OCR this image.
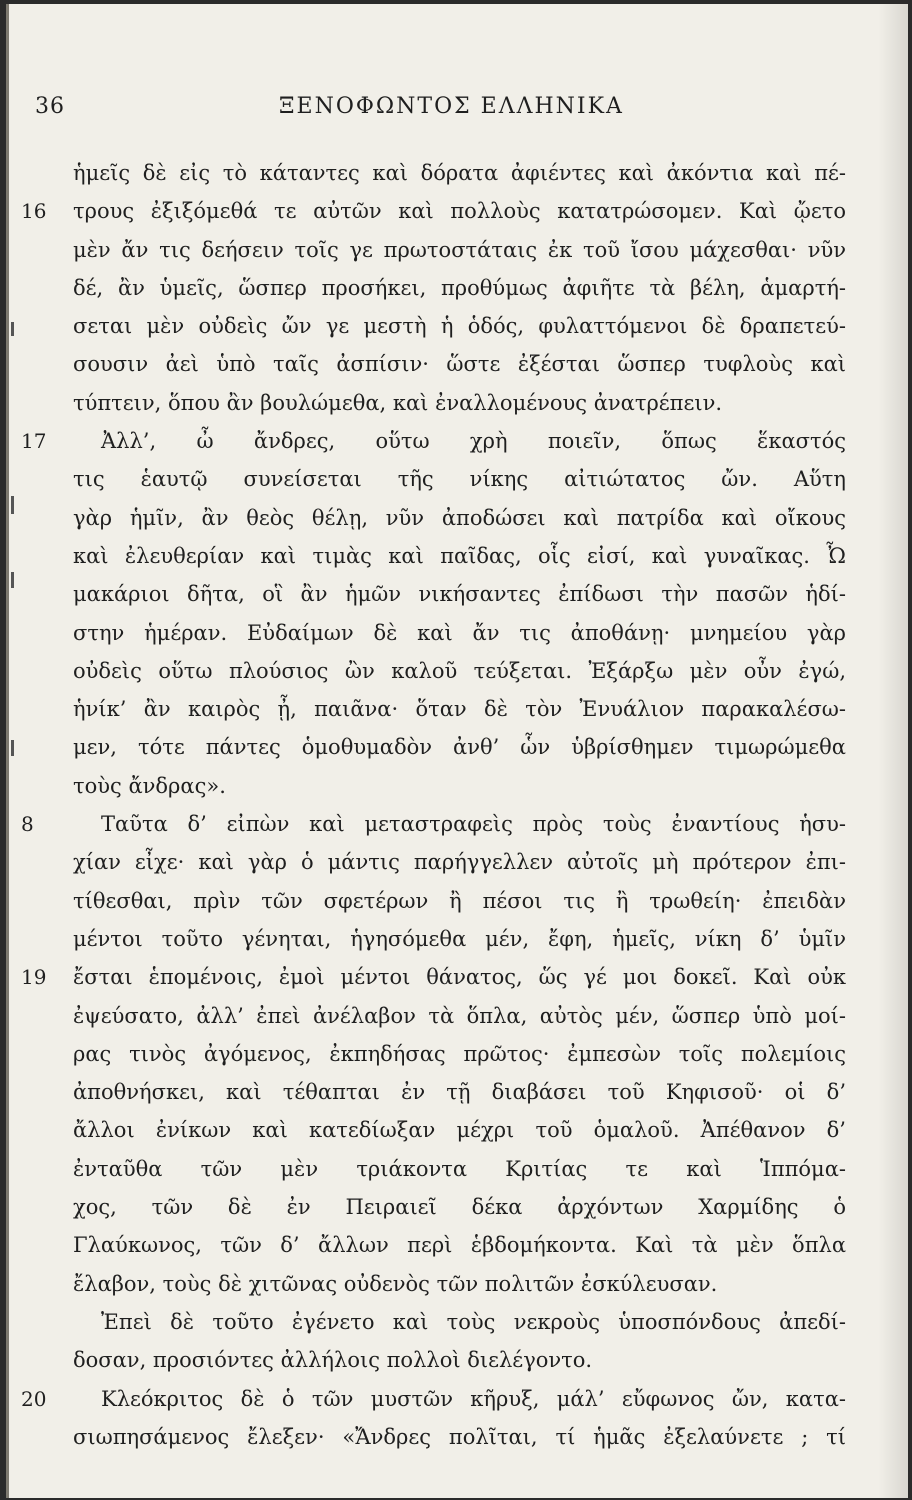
36	ΞΕΝΟΦΩΝΤΟΣ ΕΛΛΗΝΙΚΑ
16
17
8
19
20
ἡμεῖς δὲ εἰς τὸ κάταντες καὶ δόρατα ἀφιέντες καὶ ἀκόντια καὶ πέ-
τρους ἐξιξόμεθά τε αὐτῶν καὶ πολλοὺς κατατρώσομεν. Καὶ ᾤετο
μὲν ἄν τις δεήσειν τοῖς γε πρωτοστάταις ἐκ τοῦ ἴσου μάχεσθαι· νῦν
δέ, ἂν ὑμεῖς, ὥσπερ προσήκει, προθύμως ἀφιῆτε τὰ βέλη, ἁμαρτή-
σεται μὲν οὐδεὶς ὤν γε μεστὴ ἡ ὁδός, φυλαττόμενοι δὲ δραπετεύ-
σουσιν ἀεὶ ὑπὸ ταῖς ἀσπίσιν· ὥστε ἐξέσται ὥσπερ τυφλοὺς καὶ
τύπτειν, ὅπου ἂν βουλώμεθα, καὶ ἐναλλομένους ἀνατρέπειν.
Ἀλλ’, ὦ ἄνδρες, οὕτω χρὴ ποιεῖν, ὅπως ἕκαστός
τις ἑαυτῷ συνείσεται τῆς νίκης αἰτιώτατος ὤν. Αὕτη
γὰρ ἡμῖν, ἂν θεὸς θέλῃ, νῦν ἀποδώσει καὶ πατρίδα καὶ οἴκους
καὶ ἐλευθερίαν καὶ τιμὰς καὶ παῖδας, οἷς εἰσί, καὶ γυναῖκας. Ὦ
μακάριοι δῆτα, οἳ ἂν ἡμῶν νικήσαντες ἐπίδωσι τὴν πασῶν ἡδί-
στην ἡμέραν. Εὐδαίμων δὲ καὶ ἄν τις ἀποθάνῃ· μνημείου γὰρ
οὐδεὶς οὕτω πλούσιος ὢν καλοῦ τεύξεται. Ἐξάρξω μὲν οὖν ἐγώ,
ἡνίκ’ ἂν καιρὸς ᾖ, παιᾶνα· ὅταν δὲ τὸν Ἐνυάλιον παρακαλέσω-
μεν, τότε πάντες ὁμοθυμαδὸν ἀνθ’ ὧν ὑβρίσθημεν τιμωρώμεθα
τοὺς ἄνδρας».
Ταῦτα δ’ εἰπὼν καὶ μεταστραφεὶς πρὸς τοὺς ἐναντίους ἡσυ-
χίαν εἶχε· καὶ γὰρ ὁ μάντις παρήγγελλεν αὐτοῖς μὴ πρότερον ἐπι-
τίθεσθαι, πρὶν τῶν σφετέρων ἢ πέσοι τις ἢ τρωθείη· ἐπειδὰν
μέντοι τοῦτο γένηται, ἡγησόμεθα μέν, ἔφη, ἡμεῖς, νίκη δ’ ὑμῖν
ἔσται ἑπομένοις, ἐμοὶ μέντοι θάνατος, ὥς γέ μοι δοκεῖ. Καὶ οὐκ
ἐψεύσατο, ἀλλ’ ἐπεὶ ἀνέλαβον τὰ ὅπλα, αὐτὸς μέν, ὥσπερ ὑπὸ μοί-
ρας τινὸς ἀγόμενος, ἐκπηδήσας πρῶτος· ἐμπεσὼν τοῖς πολεμίοις
ἀποθνήσκει, καὶ τέθαπται ἐν τῇ διαβάσει τοῦ Κηφισοῦ· οἱ δ’
ἄλλοι ἐνίκων καὶ κατεδίωξαν μέχρι τοῦ ὁμαλοῦ. Ἀπέθανον δ’
ἐνταῦθα τῶν μὲν τριάκοντα Κριτίας τε καὶ Ἱππόμα-
χος, τῶν δὲ ἐν Πειραιεῖ δέκα ἀρχόντων Χαρμίδης ὁ
Γλαύκωνος, τῶν δ’ ἄλλων περὶ ἑβδομήκοντα. Καὶ τὰ μὲν ὅπλα
ἔλαβον, τοὺς δὲ χιτῶνας οὐδενὸς τῶν πολιτῶν ἐσκύλευσαν.
Ἐπεὶ δὲ τοῦτο ἐγένετο καὶ τοὺς νεκροὺς ὑποσπόνδους ἀπεδί-
δοσαν, προσιόντες ἀλλήλοις πολλοὶ διελέγοντο.
Κλεόκριτος δὲ ὁ τῶν μυστῶν κῆρυξ, μάλ’ εὔφωνος ὤν, κατα-
σιωπησάμενος ἔλεξεν· «Ἄνδρες πολῖται, τί ἡμᾶς ἐξελαύνετε ; τί
